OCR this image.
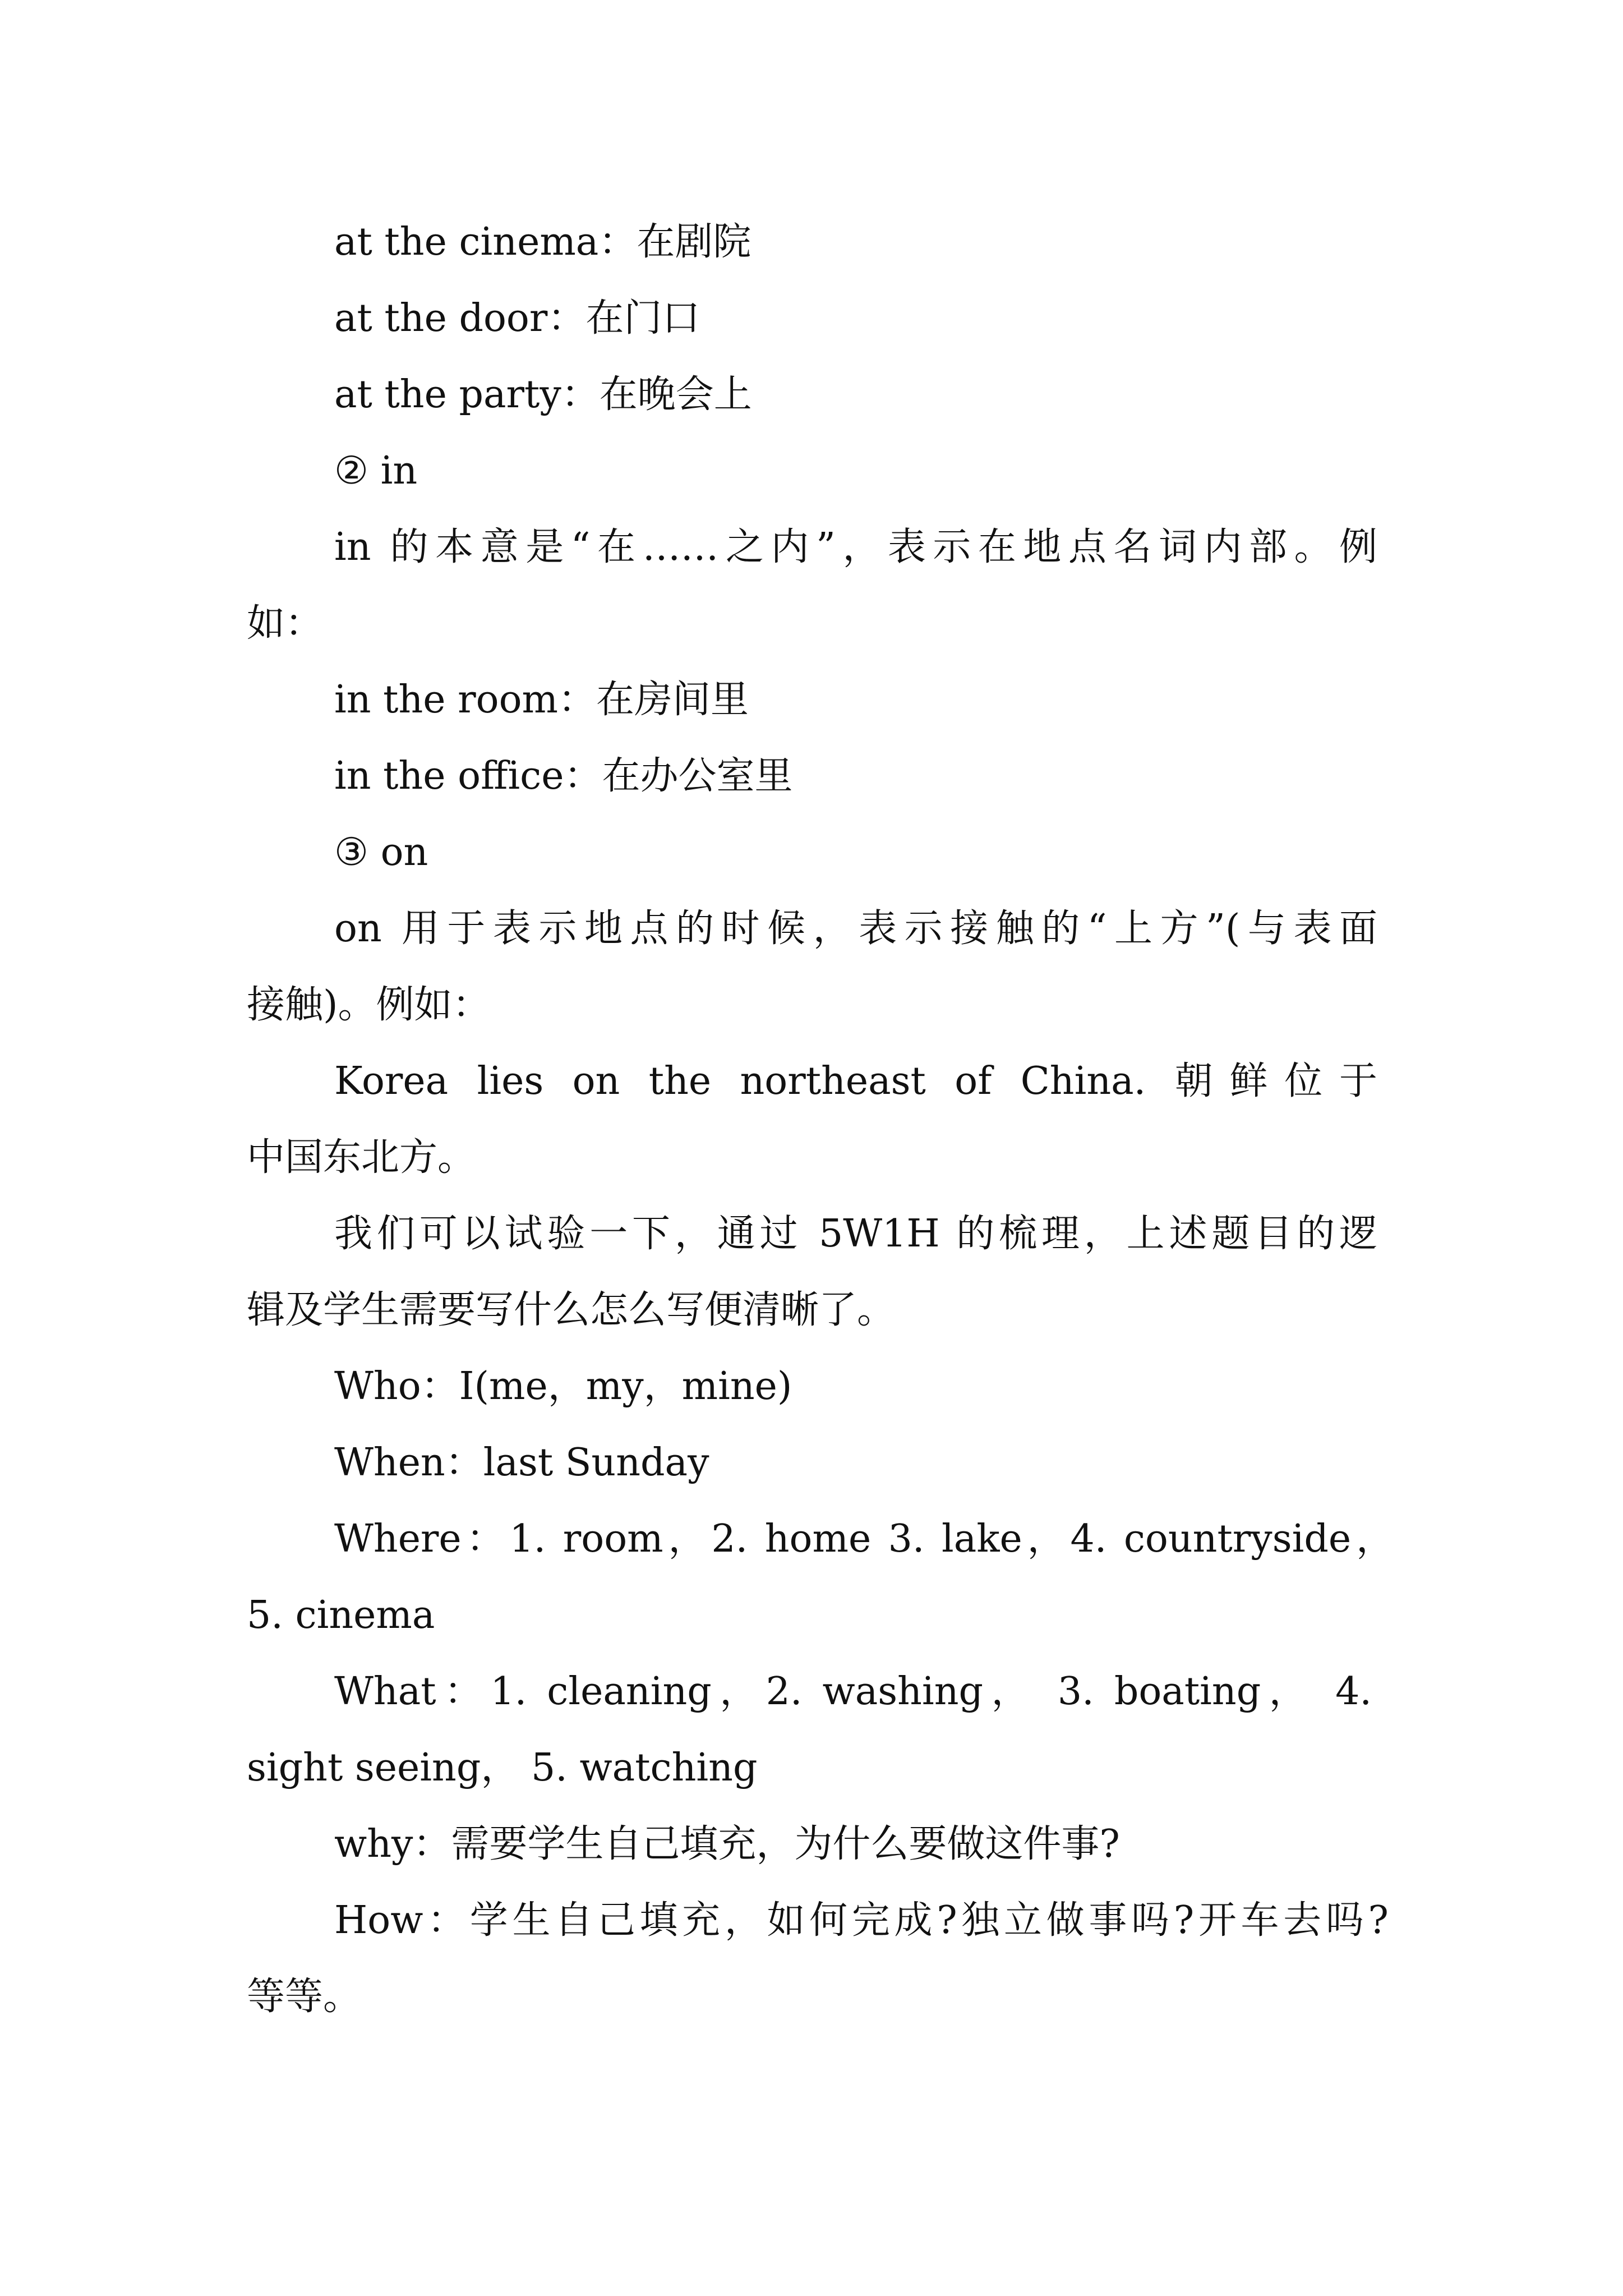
at the cinema：在剧院
at the door：在门口
at the party：在晚会上
② in
in 的本意是“在……之内”，表示在地点名词内部。例
如：
in the room：在房间里
in the office：在办公室里
③ on
on 用于表示地点的时候，表示接触的“上方”(与表面
接触)。例如：
Korea lies on the northeast of China. 朝鲜位于
中国东北方。
我们可以试验一下，通过 5W1H 的梳理，上述题目的逻
辑及学生需要写什么怎么写便清晰了。
Who：I(me，my，mine)
When：last Sunday
Where：1. room，2. home 3. lake，4. countryside，
5. cinema
What：1. cleaning，2. washing， 3. boating， 4.
sight seeing， 5. watching
why：需要学生自己填充，为什么要做这件事?
How：学生自己填充，如何完成?独立做事吗?开车去吗?
等等。
